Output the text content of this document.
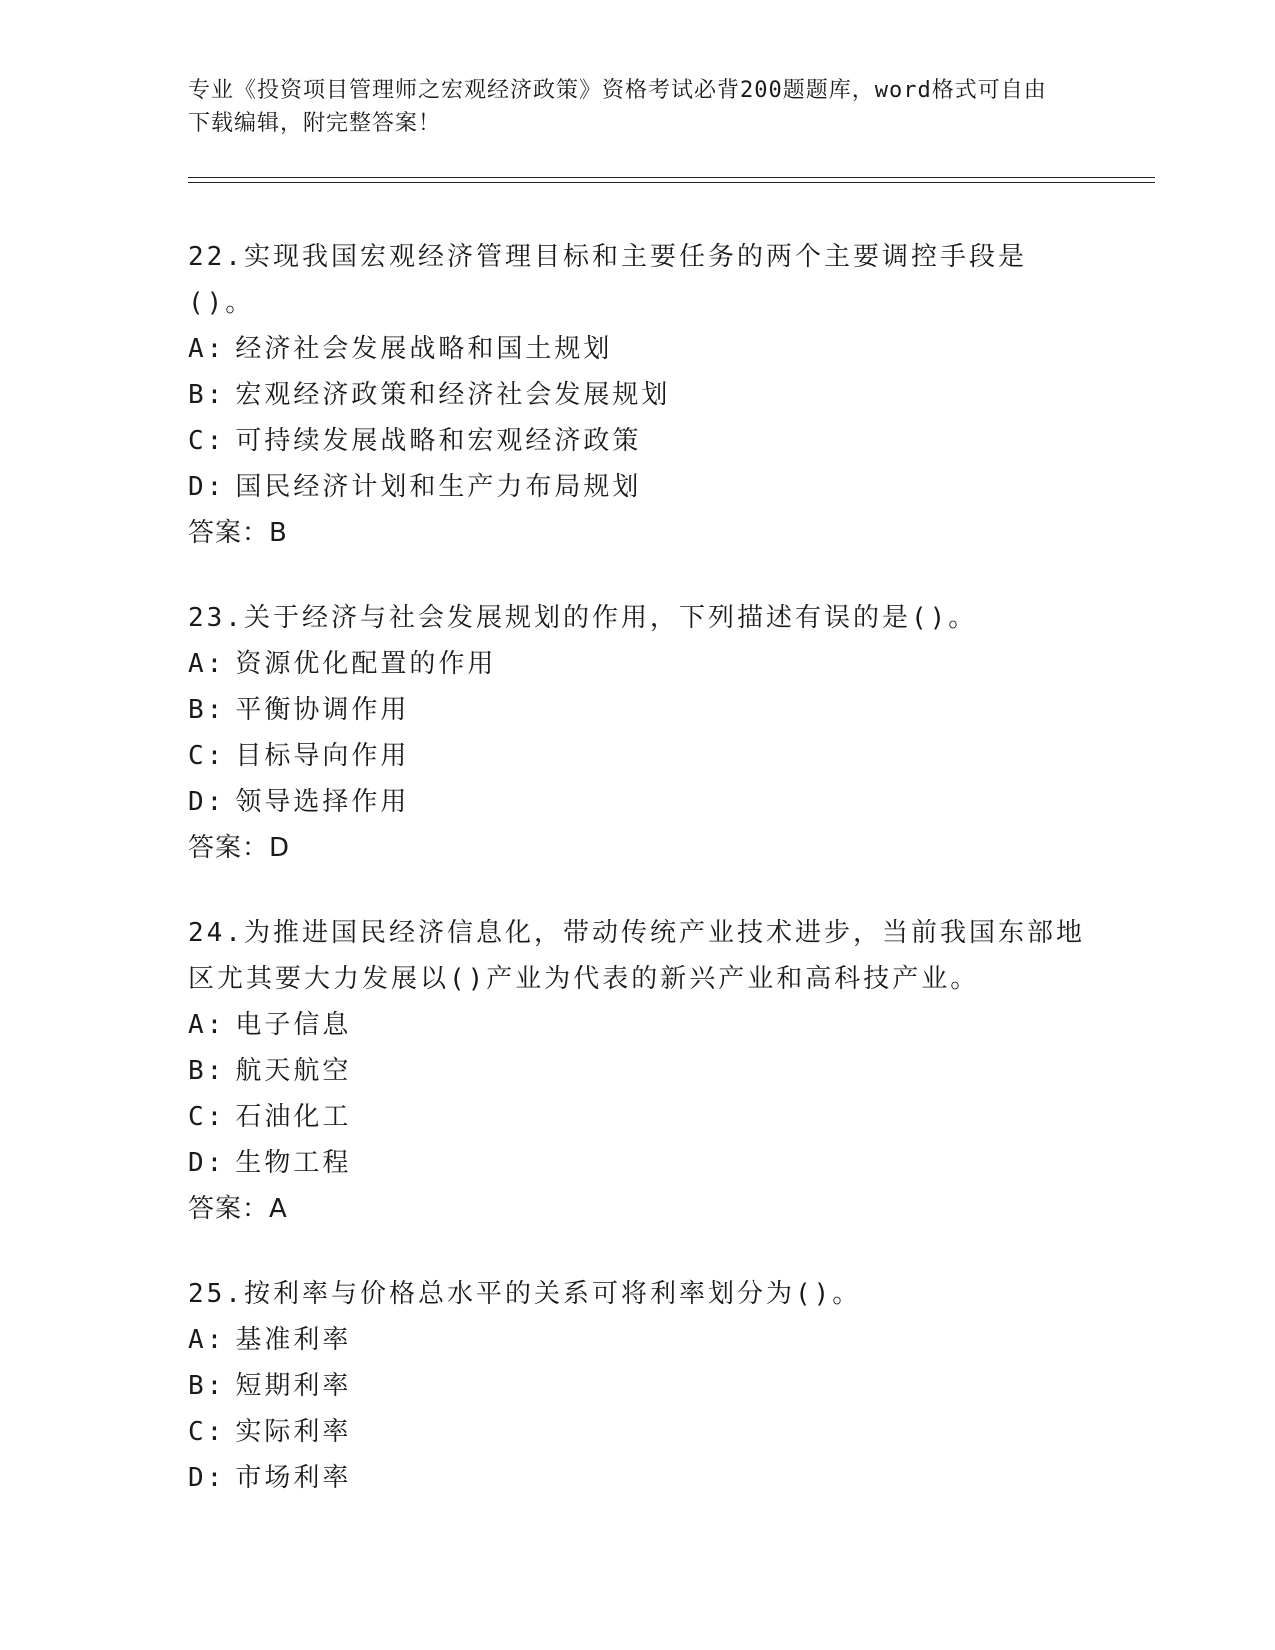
专业《投资项目管理师之宏观经济政策》资格考试必背200题题库，word格式可自由下载编辑，附完整答案！
22.实现我国宏观经济管理目标和主要任务的两个主要调控手段是()。
A: 经济社会发展战略和国土规划
B: 宏观经济政策和经济社会发展规划
C: 可持续发展战略和宏观经济政策
D: 国民经济计划和生产力布局规划
答案：B
23.关于经济与社会发展规划的作用，下列描述有误的是()。
A: 资源优化配置的作用
B: 平衡协调作用
C: 目标导向作用
D: 领导选择作用
答案：D
24.为推进国民经济信息化，带动传统产业技术进步，当前我国东部地区尤其要大力发展以()产业为代表的新兴产业和高科技产业。
A: 电子信息
B: 航天航空
C: 石油化工
D: 生物工程
答案：A
25.按利率与价格总水平的关系可将利率划分为()。
A: 基准利率
B: 短期利率
C: 实际利率
D: 市场利率
